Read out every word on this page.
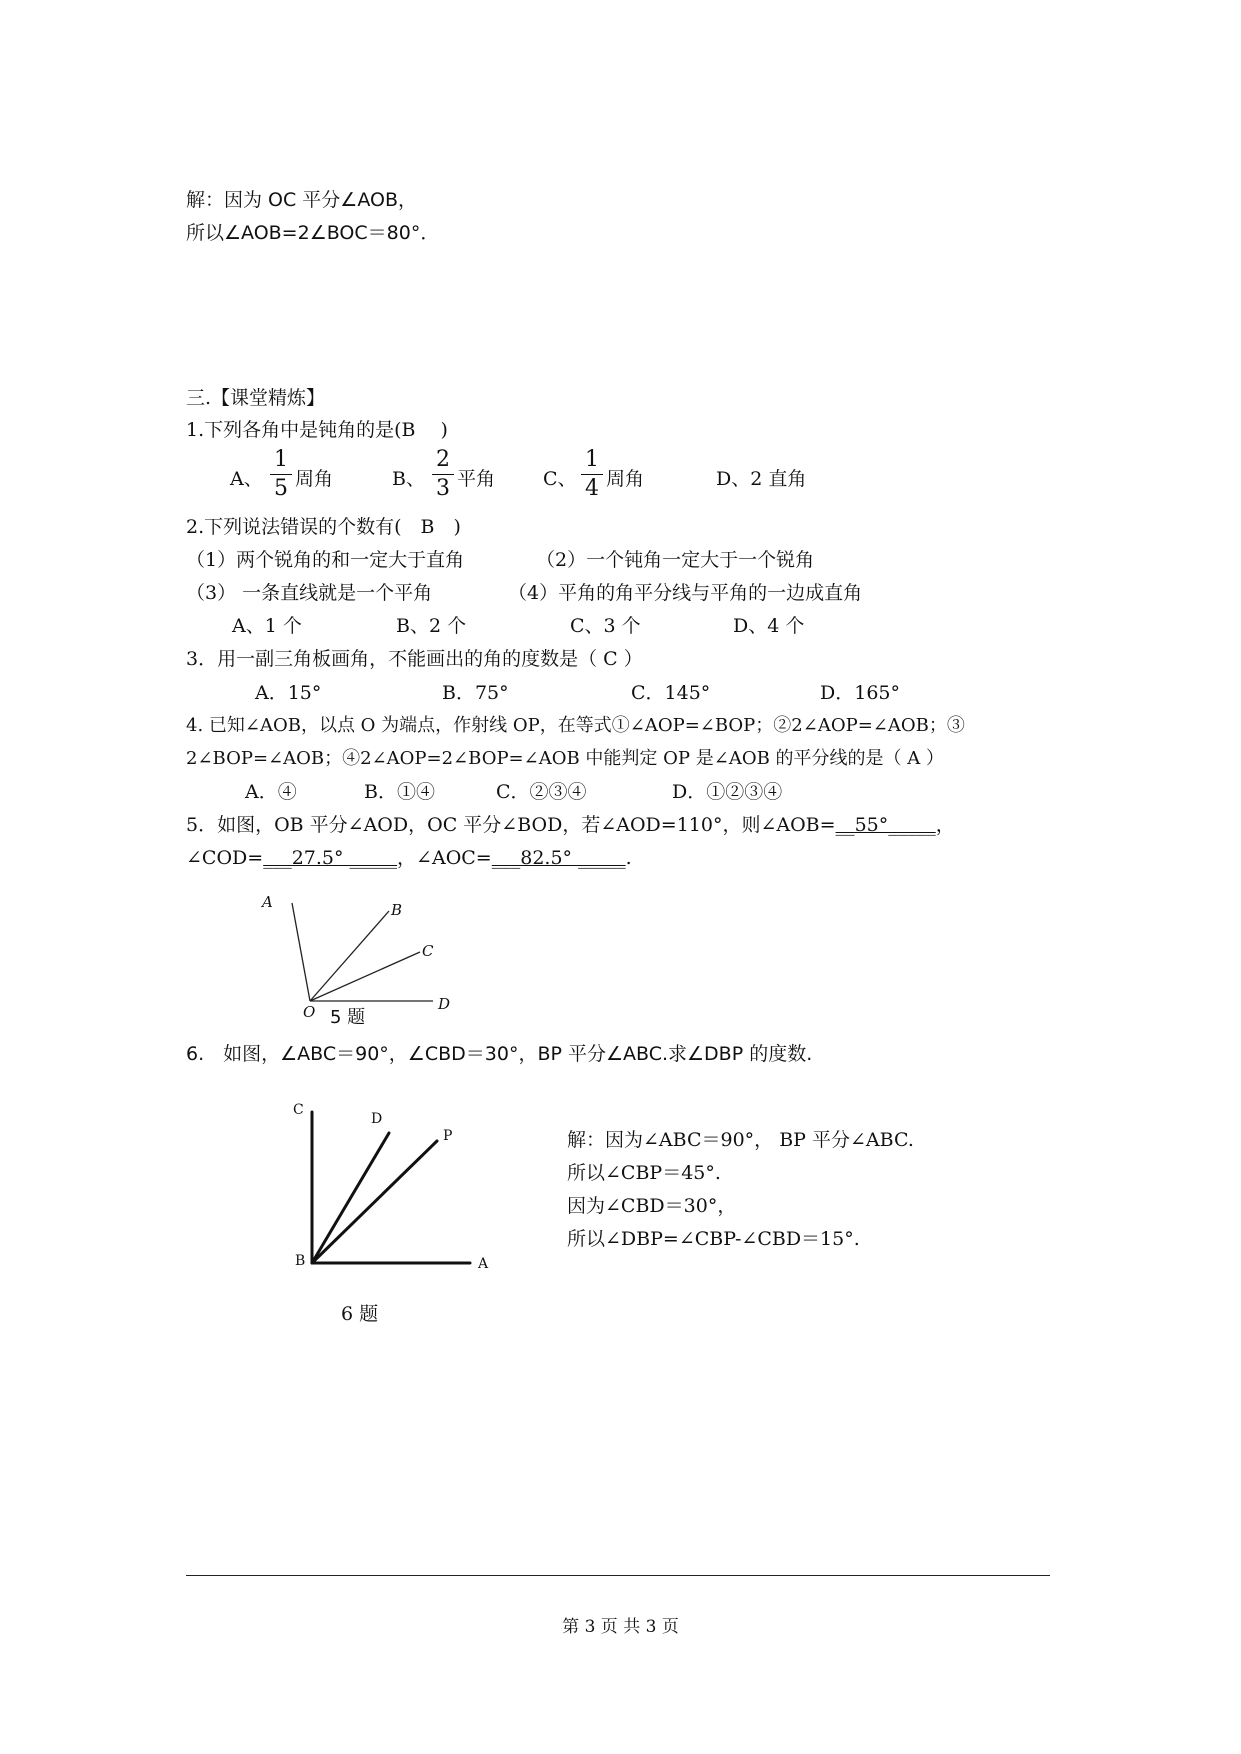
解：因为 OC 平分∠AOB，
所以∠AOB=2∠BOC＝80°．
三.【课堂精炼】
1.下列各角中是钝角的是(B　 )
A、
1
5 周角	B、
2
3 平角	C、
1
4 周角	D、2 直角
2.下列说法错误的个数有(　B　)
（1）两个锐角的和一定大于直角	（2）一个钝角一定大于一个锐角
（3） 一条直线就是一个平角	（4）平角的角平分线与平角的一边成直角
A、1 个	B、2 个	C、3 个	D、4 个
3．用一副三角板画角，不能画出的角的度数是（ C ）
A．15°	B．75°	C．145°	D．165°
4. 已知∠AOB，以点 O 为端点，作射线 OP，在等式①∠AOP=∠BOP；②2∠AOP=∠AOB；③
2∠BOP=∠AOB；④2∠AOP=2∠BOP=∠AOB 中能判定 OP 是∠AOB 的平分线的是（ A ）
A．④	B．①④	C．②③④	D．①②③④
5．如图，OB 平分∠AOD，OC 平分∠BOD，若∠AOD=110°，则∠AOB=__55°_____，
∠COD=___27.5° _____，∠AOC=___82.5° _____.
A	B
C
D
O 5 题
6.　如图，∠ABC＝90°，∠CBD＝30°，BP 平分∠ABC.求∠DBP 的度数.
C
D
P
B	A
6 题
解：因为∠ABC＝90°， BP 平分∠ABC.
所以∠CBP＝45°.
因为∠CBD＝30°，
所以∠DBP=∠CBP-∠CBD＝15°.
第 3 页 共 3 页
